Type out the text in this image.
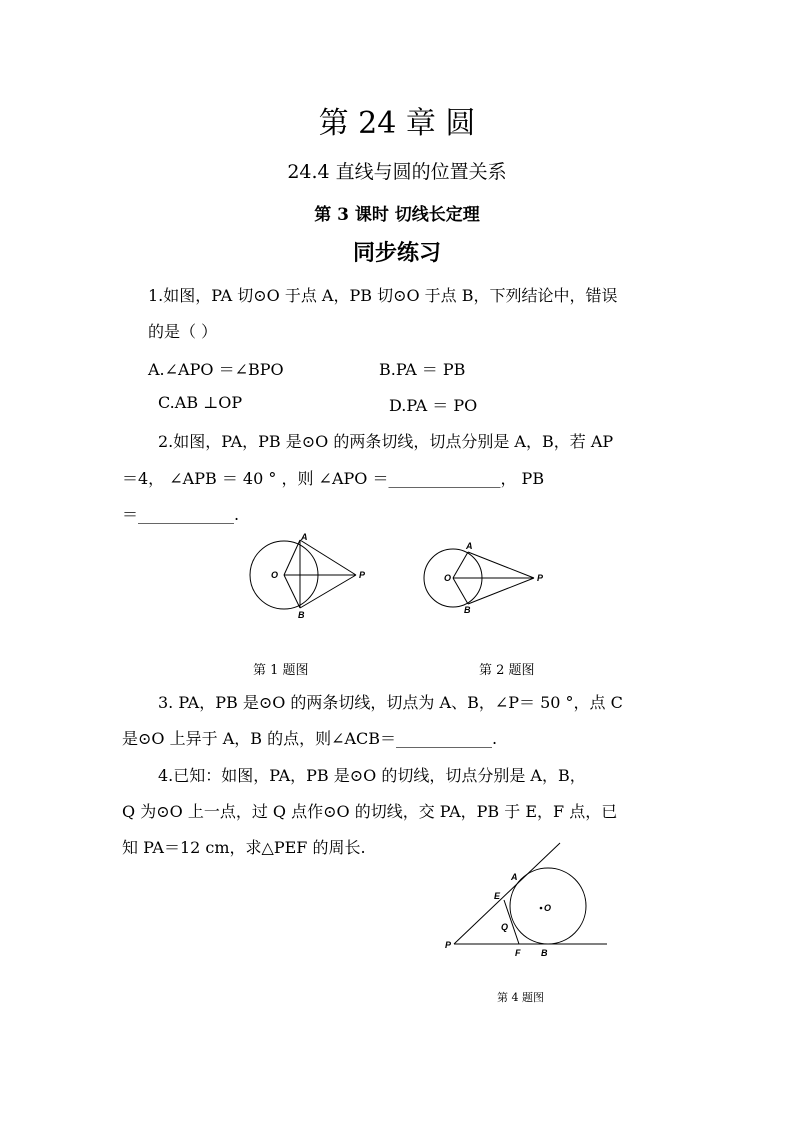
第 24 章 圆
24.4 直线与圆的位置关系
第 3 课时 切线长定理
同步练习
1.如图，PA 切⊙O 于点 A，PB 切⊙O 于点 B，下列结论中，错误
的是（ ）
A.∠APO ＝∠BPO	B.PA ＝ PB
C.AB ⊥OP	D.PA ＝ PO
2.如图，PA，PB 是⊙O 的两条切线，切点分别是 A，B，若 AP
＝4， ∠APB ＝ 40 ° ，则 ∠APO ＝______________， PB
＝____________.
A
O	P
B
A
O	P
B
第 1 题图	第 2 题图
3. PA，PB 是⊙O 的两条切线，切点为 A、B，∠P＝ 50 °，点 C
是⊙O 上异于 A，B 的点，则∠ACB＝____________.
4.已知：如图，PA，PB 是⊙O 的切线，切点分别是 A，B，
Q 为⊙O 上一点，过 Q 点作⊙O 的切线，交 PA，PB 于 E，F 点，已
知 PA＝12 cm，求△PEF 的周长.
A
E
O
Q
P
F B
第 4 题图
